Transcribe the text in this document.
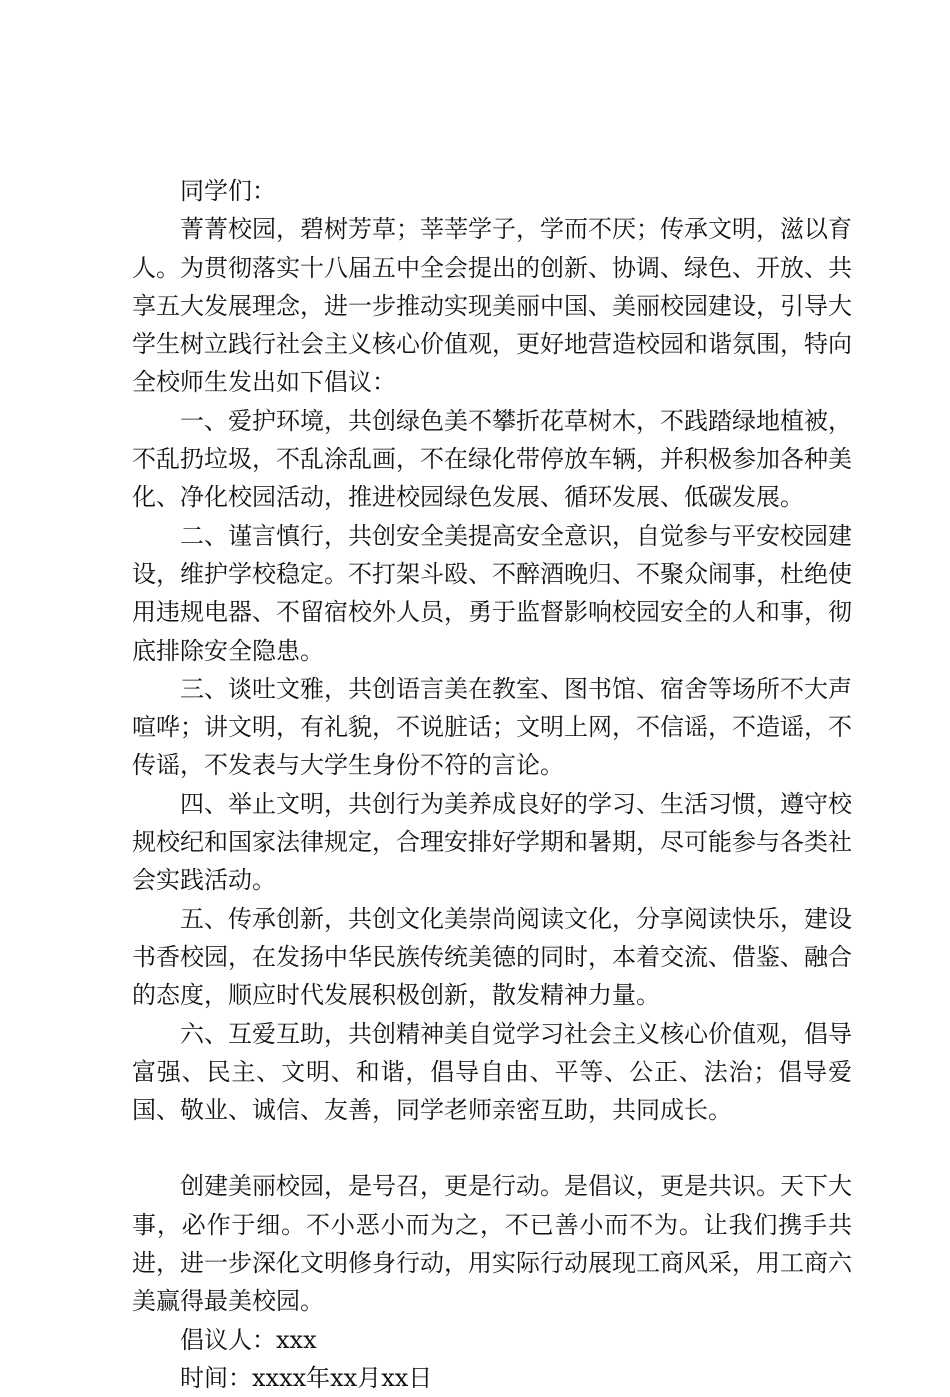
同学们：

菁菁校园，碧树芳草；莘莘学子，学而不厌；传承文明，滋以育人。为贯彻落实十八届五中全会提出的创新、协调、绿色、开放、共享五大发展理念，进一步推动实现美丽中国、美丽校园建设，引导大学生树立践行社会主义核心价值观，更好地营造校园和谐氛围，特向全校师生发出如下倡议：

一、爱护环境，共创绿色美不攀折花草树木，不践踏绿地植被，不乱扔垃圾，不乱涂乱画，不在绿化带停放车辆，并积极参加各种美化、净化校园活动，推进校园绿色发展、循环发展、低碳发展。

二、谨言慎行，共创安全美提高安全意识，自觉参与平安校园建设，维护学校稳定。不打架斗殴、不醉酒晚归、不聚众闹事，杜绝使用违规电器、不留宿校外人员，勇于监督影响校园安全的人和事，彻底排除安全隐患。

三、谈吐文雅，共创语言美在教室、图书馆、宿舍等场所不大声喧哗；讲文明，有礼貌，不说脏话；文明上网，不信谣，不造谣，不传谣，不发表与大学生身份不符的言论。

四、举止文明，共创行为美养成良好的学习、生活习惯，遵守校规校纪和国家法律规定，合理安排好学期和暑期，尽可能参与各类社会实践活动。

五、传承创新，共创文化美崇尚阅读文化，分享阅读快乐，建设书香校园，在发扬中华民族传统美德的同时，本着交流、借鉴、融合的态度，顺应时代发展积极创新，散发精神力量。

六、互爱互助，共创精神美自觉学习社会主义核心价值观，倡导富强、民主、文明、和谐，倡导自由、平等、公正、法治；倡导爱国、敬业、诚信、友善，同学老师亲密互助，共同成长。

创建美丽校园，是号召，更是行动。是倡议，更是共识。天下大事，必作于细。不小恶小而为之，不已善小而不为。让我们携手共进，进一步深化文明修身行动，用实际行动展现工商风采，用工商六美赢得最美校园。

倡议人：xxx

时间：xxxx年xx月xx日
